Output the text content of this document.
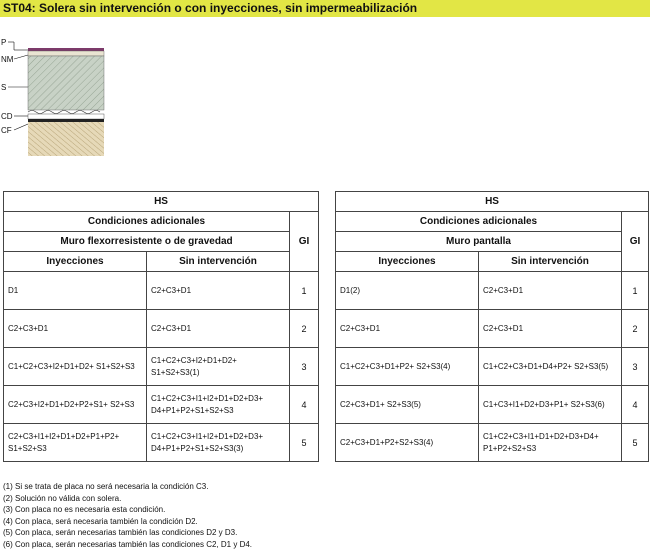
ST04: Solera sin intervención o con inyecciones, sin impermeabilización
P
NM
S
CD
CF
HS		
Condiciones adicionales		GI
Muro flexorresistente o de gravedad		
Inyecciones	Sin intervención	
D1	C2+C3+D1	1
C2+C3+D1	C2+C3+D1	2
C1+C2+C3+I2+D1+D2+ S1+S2+S3	C1+C2+C3+I2+D1+D2+ S1+S2+S3(1)	3
C2+C3+I2+D1+D2+P2+S1+ S2+S3	C1+C2+C3+I1+I2+D1+D2+D3+ D4+P1+P2+S1+S2+S3	4
C2+C3+I1+I2+D1+D2+P1+P2+ S1+S2+S3	C1+C2+C3+I1+I2+D1+D2+D3+ D4+P1+P2+S1+S2+S3(3)	5
HS		
Condiciones adicionales		GI
Muro pantalla		
Inyecciones	Sin intervención	
D1(2)	C2+C3+D1	1
C2+C3+D1	C2+C3+D1	2
C1+C2+C3+D1+P2+ S2+S3(4)	C1+C2+C3+D1+D4+P2+ S2+S3(5)	3
C2+C3+D1+ S2+S3(5)	C1+C3+I1+D2+D3+P1+ S2+S3(6)	4
C2+C3+D1+P2+S2+S3(4)	C1+C2+C3+I1+D1+D2+D3+D4+ P1+P2+S2+S3	5
(1) Si se trata de placa no será necesaria la condición C3.
(2) Solución no válida con solera.
(3) Con placa no es necesaria esta condición.
(4) Con placa, será necesaria también la condición D2.
(5) Con placa, serán necesarias también las condiciones D2 y D3.
(6) Con placa, serán necesarias también las condiciones C2, D1 y D4.
